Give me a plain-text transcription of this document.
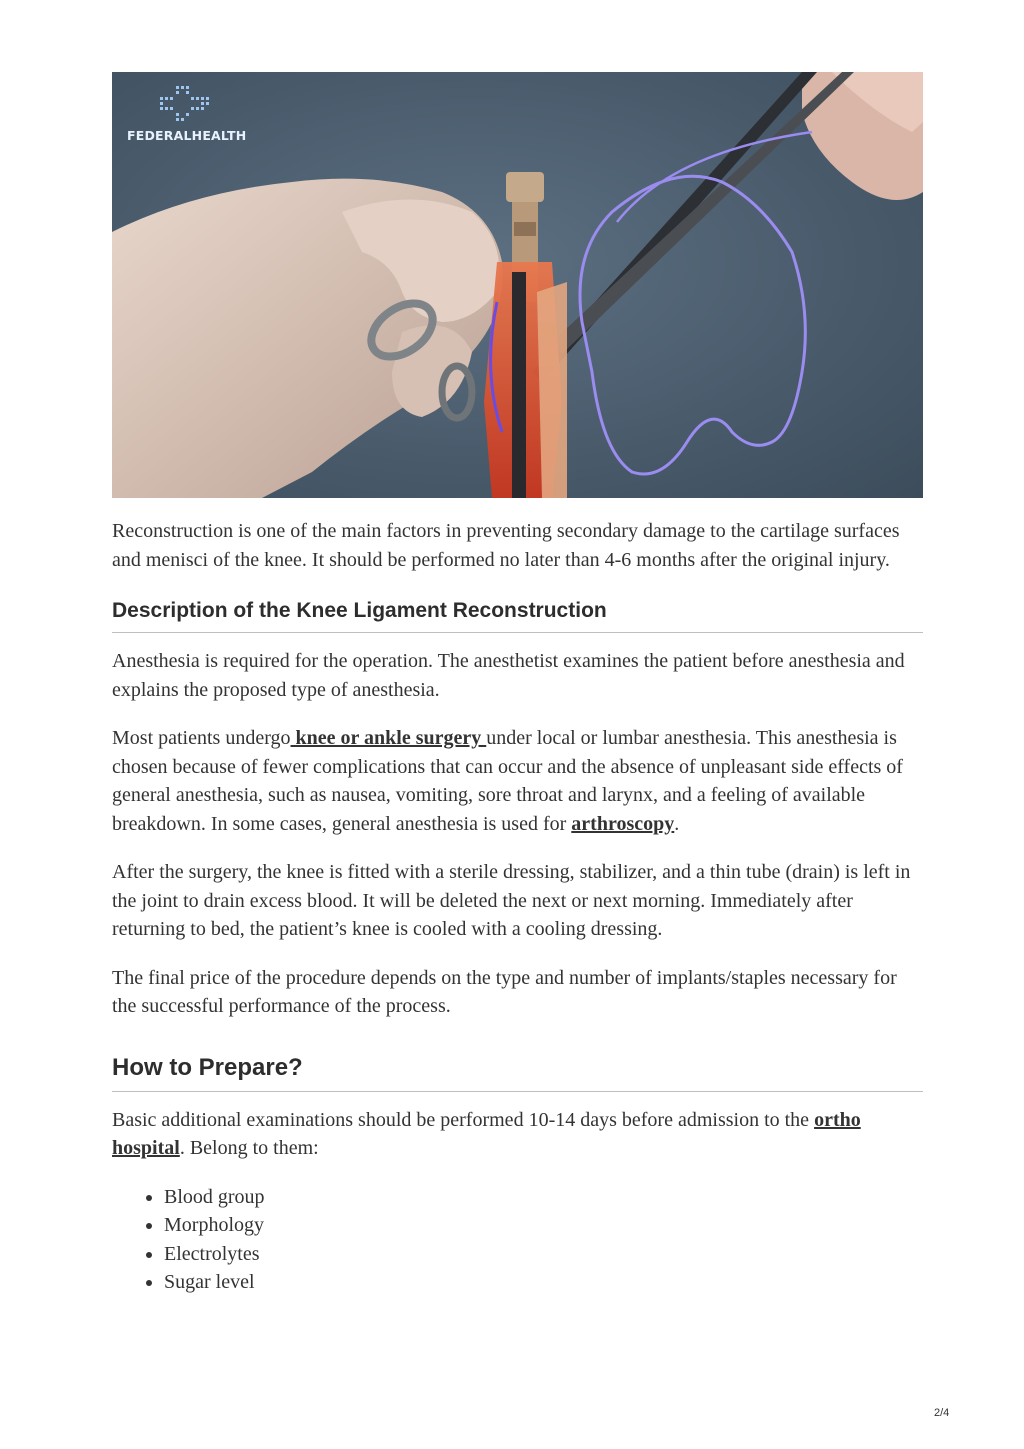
FEDERALHEALTH

Reconstruction is one of the main factors in preventing secondary damage to the cartilage surfaces and menisci of the knee. It should be performed no later than 4-6 months after the original injury.

Description of the Knee Ligament Reconstruction

Anesthesia is required for the operation. The anesthetist examines the patient before anesthesia and explains the proposed type of anesthesia.

Most patients undergo knee or ankle surgery under local or lumbar anesthesia. This anesthesia is chosen because of fewer complications that can occur and the absence of unpleasant side effects of general anesthesia, such as nausea, vomiting, sore throat and larynx, and a feeling of available breakdown. In some cases, general anesthesia is used for arthroscopy.

After the surgery, the knee is fitted with a sterile dressing, stabilizer, and a thin tube (drain) is left in the joint to drain excess blood. It will be deleted the next or next morning. Immediately after returning to bed, the patient’s knee is cooled with a cooling dressing.

The final price of the procedure depends on the type and number of implants/staples necessary for the successful performance of the process.

How to Prepare?

Basic additional examinations should be performed 10-14 days before admission to the ortho hospital. Belong to them:

• Blood group
• Morphology
• Electrolytes
• Sugar level
2/4
